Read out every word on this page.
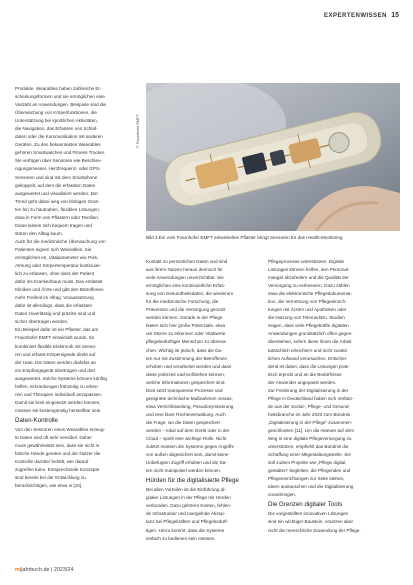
EXPERTENWISSEN 15

Produkte. Wearables haben zahlreiche Er-

scheinungsformen und sie ermöglichen eine

Vielzahl an Anwendungen. Beispiele sind die

Überwachung von Körperfunktionen, die

Unterstützung bei sportlichen Aktivitäten,

die Navigation, das Erfassen von Schlaf-

daten oder die Kommunikation mit anderen

Geräten. Zu den bekanntesten Wearables

gehören Smartwatches und Fitness-Tracker.

Sie verfügen über Sensoren wie Beschleu-

nigungsmesser, Herzfrequenz- oder GPS-

Sensoren und sind mit dem Smartphone

gekoppelt, auf dem die erfassten Daten

ausgewertet und visualisiert werden. Der

Trend geht dabei weg von klobigen Gerä-

ten hin zu hautnahen, flexiblen Lösungen,

etwa in Form von Pflastern oder Textilien.

Diese lassen sich bequem tragen und

stören den Alltag kaum.

Auch für die medizinische Überwachung von

Patienten eignen sich Wearables. Sie

ermöglichen es, Vitalparameter wie Puls,

Atmung oder Körpertemperatur kontinuier-

lich zu erfassen, ohne dass der Patient

dafür ins Krankenhaus muss. Das entlastet

Kliniken und Ärzte und gibt den Betroffenen

mehr Freiheit im Alltag. Voraussetzung

dafür ist allerdings, dass die erfassten

Daten zuverlässig und präzise sind und

sicher übertragen werden.

Ein Beispiel dafür ist ein Pflaster, das am

Fraunhofer EMFT entwickelt wurde. Es

kombiniert flexible Elektronik mit Senso-

ren und erfasst Körpersignale direkt auf

der Haut. Die Daten werden drahtlos an

ein Empfangsgerät übertragen und dort

ausgewertet. Solche Systeme können künftig

helfen, Erkrankungen frühzeitig zu erken-

nen und Therapien individuell anzupassen.

Damit sie breit eingesetzt werden können,

müssen sie kostengünstig herstellbar sein.

Daten-Kontrolle

Von den Sensoren eines Wearables erzeug-

te Daten sind oft sehr sensibel. Daher

muss gewährleistet sein, dass sie nicht in

falsche Hände geraten und der Nutzer die

Kontrolle darüber behält, wer darauf

zugreifen kann. Entsprechende Konzepte

sind bereits bei der Entwicklung zu

berücksichtigen, wie etwa in [10].

© Fraunhofer EMFT
Bild 3 Ein vom Fraunhofer EMFT entwickeltes Pflaster bringt Sensoren für das Health-Monitoring

Kontakt zu persönlichen Daten und sind

aus ihrem Nutzen heraus dennoch für

viele Anwendungen unverzichtbar. Sie

ermöglichen eine kontinuierliche Erfas-

sung von Gesundheitsdaten, die wiederum

für die medizinische Forschung, die

Prävention und die Versorgung genutzt

werden können. Gerade in der Pflege

bieten sich hier große Potenziale, etwa

um Stürze zu erkennen oder Vitalwerte

pflegebedürftiger Menschen zu überwa-

chen. Wichtig ist jedoch, dass die Da-

ten nur mit Zustimmung der Betroffenen

erhoben und verarbeitet werden und dass

diese jederzeit nachvollziehen können,

welche Informationen gespeichert sind.

Dies setzt transparente Prozesse und

geeignete technische Maßnahmen voraus,

etwa Verschlüsselung, Pseudonymisierung

und eine klare Rechteverwaltung. Auch

die Frage, wo die Daten gespeichert

werden – lokal auf dem Gerät oder in der

Cloud – spielt eine wichtige Rolle. Nicht

zuletzt müssen die Systeme gegen Angriffe

von außen abgesichert sein, damit keine

Unbefugten Zugriff erhalten und die Da-

ten nicht manipuliert werden können.

Hürden für die digitalisierte Pflege

Bei allen Vorteilen ist die Einführung di-

gitaler Lösungen in der Pflege mit Hürden

verbunden. Dazu gehören Kosten, fehlen-

de Infrastruktur und mangelnde Akzep-

tanz bei Pflegekräften und Pflegebedürf-

tigen. Hinzu kommt, dass die Systeme

einfach zu bedienen sein müssen.

Pflegeprozesse unterstützen. Digitale

Lösungen können helfen, den Personal-

mangel abzufedern und die Qualität der

Versorgung zu verbessern. Dazu zählen

etwa die elektronische Pflegedokumenta-

tion, die Vernetzung von Pflegeeinrich-

tungen mit Ärzten und Apotheken oder

die Nutzung von Telemedizin. Studien

zeigen, dass viele Pflegekräfte digitalen

Anwendungen grundsätzlich offen gegen-

überstehen, sofern diese ihnen die Arbeit

tatsächlich erleichtern und nicht zusätz-

lichen Aufwand verursachen. Entschei-

dend ist dabei, dass die Lösungen prak-

tisch erprobt und an die Bedürfnisse

der Anwender angepasst werden.

Zur Förderung der Digitalisierung in der

Pflege in Deutschland haben sich Verbän-

de aus der Sozial-, Pflege- und Gesund-

heitsbranche im Jahr 2020 zum Bündnis

„Digitalisierung in der Pflege“ zusammen-

geschlossen [11]. Um die Akteure auf dem

Weg in eine digitale Pflegeversorgung zu

unterstützen, empfiehlt das Bündnis die

Schaffung einer Mitgestaltungsstelle. Sie

soll zudem Projekte wie „Pflege digital

gestalten“ begleiten, die Pflegenden und

Pflegeeinrichtungen zur Seite stehen,

Ideen austauschen und die Digitalisierung

voranbringen.

Die Grenzen digitaler Tools

Die vorgestellten innovativen Lösungen

sind ein wichtiger Baustein, ersetzen aber

nicht die menschliche Zuwendung der Pflege.

mljahrbuch.de | 2023/24
